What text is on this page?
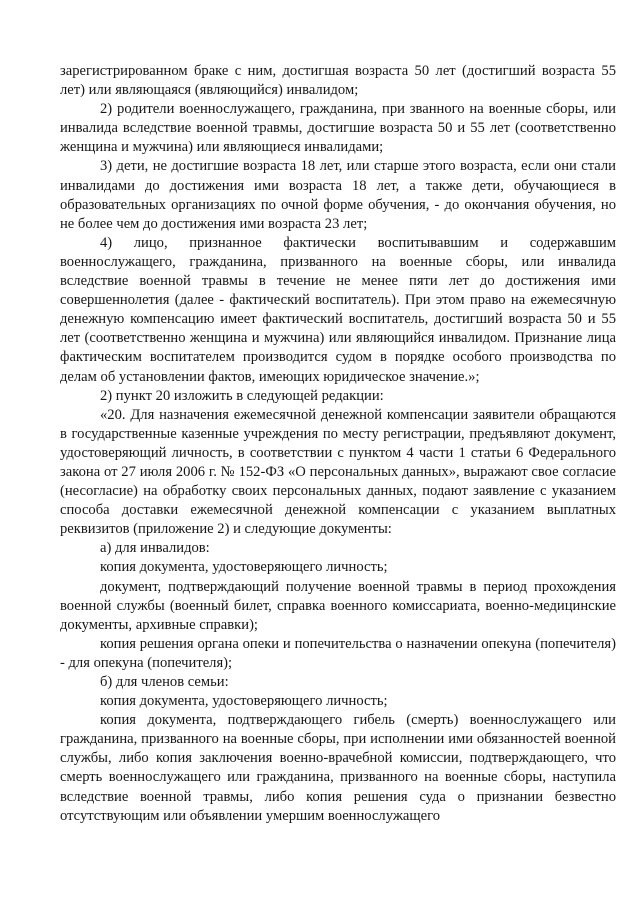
зарегистрированном браке с ним, достигшая возраста 50 лет (достигший возраста 55 лет) или являющаяся (являющийся) инвалидом;

2) родители военнослужащего, гражданина, при званного на военные сборы, или инвалида вследствие военной травмы, достигшие возраста 50 и 55 лет (соответственно женщина и мужчина) или являющиеся инвалидами;

3) дети, не достигшие возраста 18 лет, или старше этого возраста, если они стали инвалидами до достижения ими возраста 18 лет, а также дети, обучающиеся в образовательных организациях по очной форме обучения, - до окончания обучения, но не более чем до достижения ими возраста 23 лет;

4) лицо, признанное фактически воспитывавшим и содержавшим военнослужащего, гражданина, призванного на военные сборы, или инвалида вследствие военной травмы в течение не менее пяти лет до достижения ими совершеннолетия (далее - фактический воспитатель). При этом право на ежемесячную денежную компенсацию имеет фактический воспитатель, достигший возраста 50 и 55 лет (соответственно женщина и мужчина) или являющийся инвалидом. Признание лица фактическим воспитателем производится судом в порядке особого производства по делам об установлении фактов, имеющих юридическое значение.»;

2) пункт 20 изложить в следующей редакции:

«20. Для назначения ежемесячной денежной компенсации заявители обращаются в государственные казенные учреждения по месту регистрации, предъявляют документ, удостоверяющий личность, в соответствии с пунктом 4 части 1 статьи 6 Федерального закона от 27 июля 2006 г. № 152-ФЗ «О персональных данных», выражают свое согласие (несогласие) на обработку своих персональных данных, подают заявление с указанием способа доставки ежемесячной денежной компенсации с указанием выплатных реквизитов (приложение 2) и следующие документы:

а) для инвалидов:

копия документа, удостоверяющего личность;

документ, подтверждающий получение военной травмы в период прохождения военной службы (военный билет, справка военного комиссариата, военно-медицинские документы, архивные справки);

копия решения органа опеки и попечительства о назначении опекуна (попечителя) - для опекуна (попечителя);

б) для членов семьи:

копия документа, удостоверяющего личность;

копия документа, подтверждающего гибель (смерть) военнослужащего или гражданина, призванного на военные сборы, при исполнении ими обязанностей военной службы, либо копия заключения военно-врачебной комиссии, подтверждающего, что смерть военнослужащего или гражданина, призванного на военные сборы, наступила вследствие военной травмы, либо копия решения суда о признании безвестно отсутствующим или объявлении умершим военнослужащего
